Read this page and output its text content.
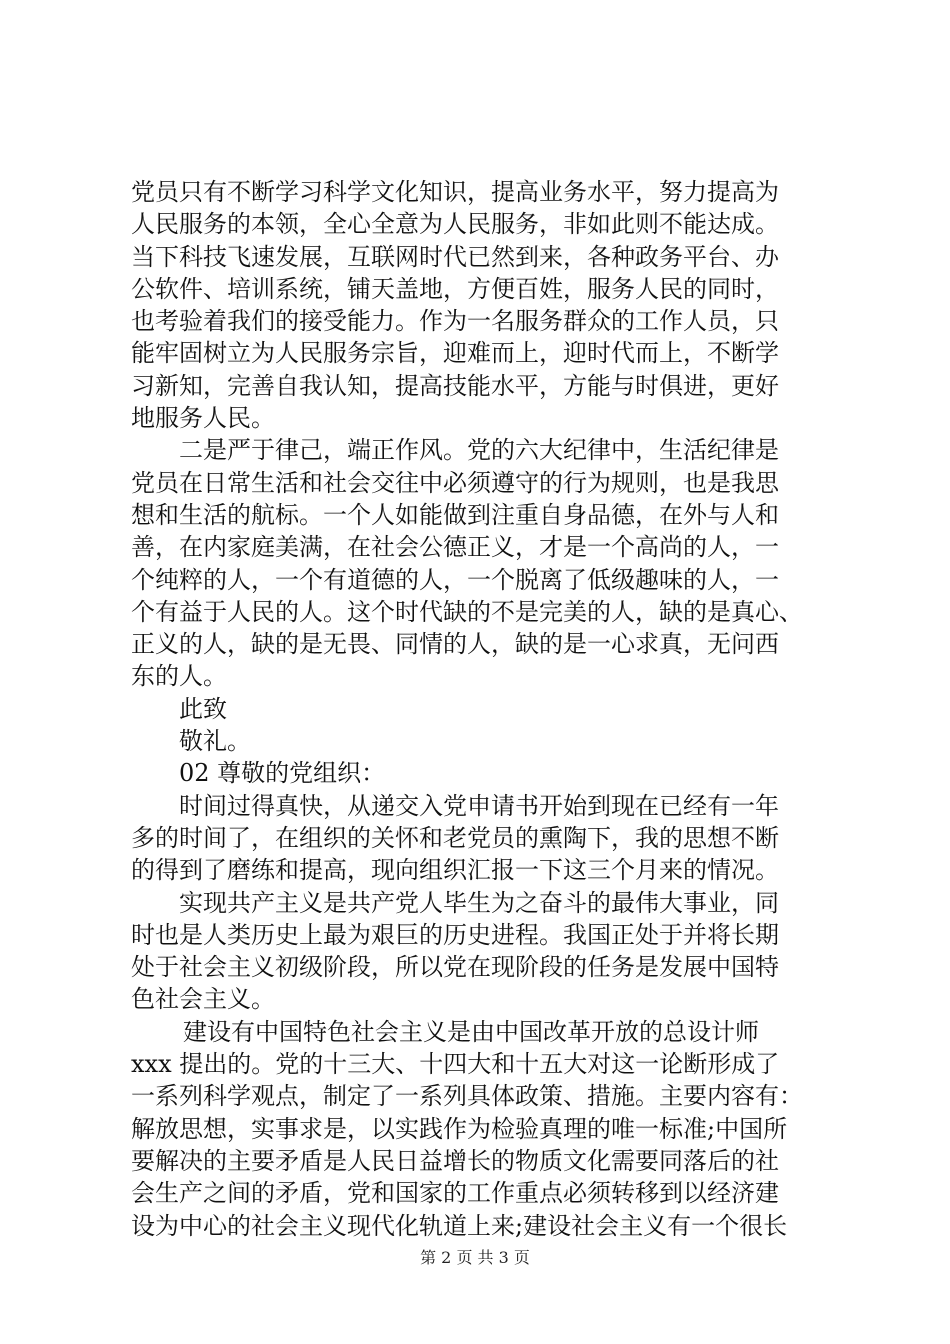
党员只有不断学习科学文化知识，提高业务水平，努力提高为
人民服务的本领，全心全意为人民服务，非如此则不能达成。
当下科技飞速发展，互联网时代已然到来，各种政务平台、办
公软件、培训系统，铺天盖地，方便百姓，服务人民的同时，
也考验着我们的接受能力。作为一名服务群众的工作人员，只
能牢固树立为人民服务宗旨，迎难而上，迎时代而上，不断学
习新知，完善自我认知，提高技能水平，方能与时俱进，更好
地服务人民。
二是严于律己，端正作风。党的六大纪律中，生活纪律是
党员在日常生活和社会交往中必须遵守的行为规则，也是我思
想和生活的航标。一个人如能做到注重自身品德，在外与人和
善，在内家庭美满，在社会公德正义，才是一个高尚的人，一
个纯粹的人，一个有道德的人，一个脱离了低级趣味的人，一
个有益于人民的人。这个时代缺的不是完美的人，缺的是真心、
正义的人，缺的是无畏、同情的人，缺的是一心求真，无问西
东的人。
此致
敬礼。
02 尊敬的党组织：
时间过得真快，从递交入党申请书开始到现在已经有一年
多的时间了，在组织的关怀和老党员的熏陶下，我的思想不断
的得到了磨练和提高，现向组织汇报一下这三个月来的情况。
实现共产主义是共产党人毕生为之奋斗的最伟大事业，同
时也是人类历史上最为艰巨的历史进程。我国正处于并将长期
处于社会主义初级阶段，所以党在现阶段的任务是发展中国特
色社会主义。
建设有中国特色社会主义是由中国改革开放的总设计师
xxx 提出的。党的十三大、十四大和十五大对这一论断形成了
一系列科学观点，制定了一系列具体政策、措施。主要内容有：
解放思想，实事求是，以实践作为检验真理的唯一标准;中国所
要解决的主要矛盾是人民日益增长的物质文化需要同落后的社
会生产之间的矛盾，党和国家的工作重点必须转移到以经济建
设为中心的社会主义现代化轨道上来;建设社会主义有一个很长
第 2 页 共 3 页
